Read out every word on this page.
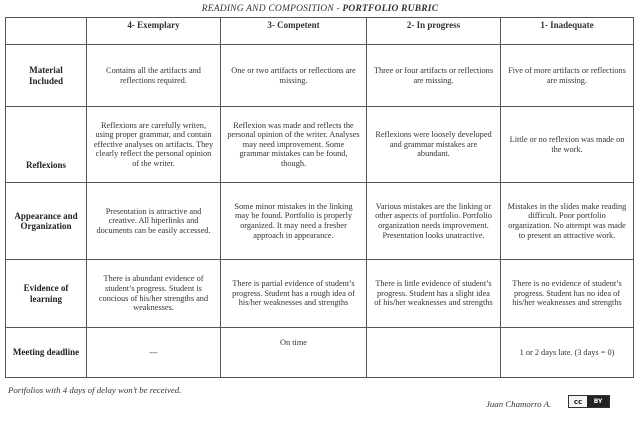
READING AND COMPOSITION - PORTFOLIO RUBRIC
	4- Exemplary	3- Competent	2- In progress	1- Inadequate
Material Included	Contains all the artifacts and reflections required.	One or two artifacts or reflections are missing.	Three or four artifacts or reflections are missing.	Five of more artifacts or reflections are missing.
Reflexions	Reflexions are carefully writen, using proper grammar, and contain effective analyses on artifacts. They clearly reflect the personal opinion of the writer.	Reflexion was made and reflects the personal opinion of the writer. Analyses may need improvement. Some grammar mistakes can be found, though.	Reflexions were loosely developed and grammar mistakes are abundant.	Little or no reflexion was made on the work.
Appearance and Organization	Presentation is attractive and creative. All hiperlinks and documents can be easily accessed.	Some minor mistakes in the linking may be found. Portfolio is properly organized. It may need a fresher approach in appearance.	Various mistakes are the linking or other aspects of portfolio. Portfolio organization needs improvement. Presentation looks unatractive.	Mistakes in the slides make reading difficult. Poor portfolio organization. No attempt was made to present an attractive work.
Evidence of learning	There is abundant evidence of student’s progress. Student is concious of his/her strengths and weaknesses.	There is partial evidence of student’s progress. Student has a rough idea of his/her weaknesses and strengths	There is little evidence of student’s progress. Student has a slight idea of his/her weaknesses and strengths	There is no evidence of student’s progress. Student has no idea of his/her weaknesses and strengths
Meeting deadline	---	On time		1 or 2 days late. (3 days = 0)
Portfolios with 4 days of delay won’t be received.
Juan Chamorro A.	cc	BY
